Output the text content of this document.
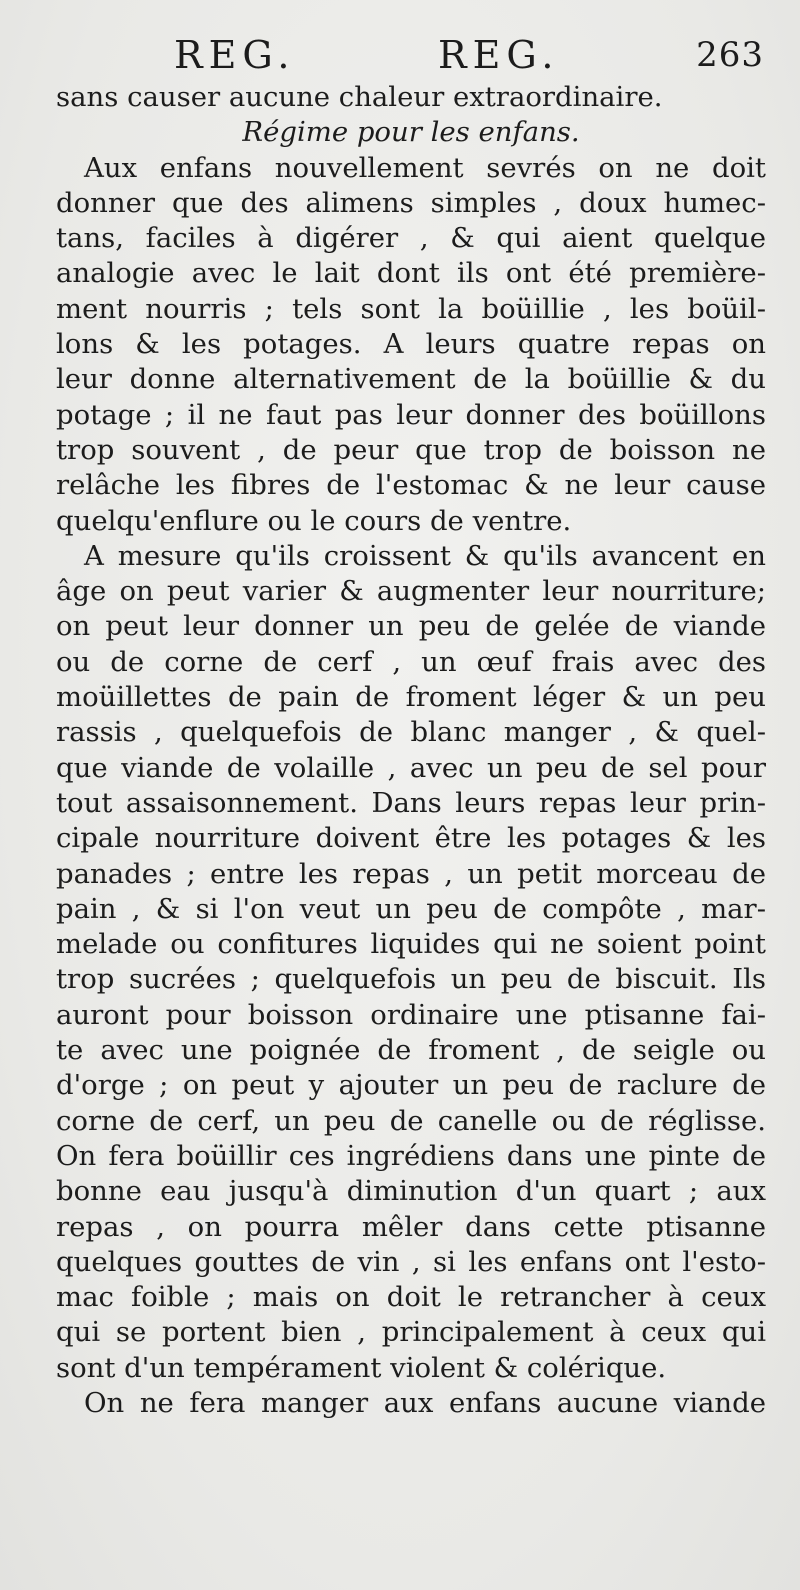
REG.	REG.	263
sans causer aucune chaleur extraordinaire.
Régime pour les enfans.
Aux enfans nouvellement sevrés on ne doit
donner que des alimens simples , doux humec-
tans, faciles à digérer , & qui aient quelque
analogie avec le lait dont ils ont été première-
ment nourris ; tels sont la boüillie , les boüil-
lons & les potages. A leurs quatre repas on
leur donne alternativement de la boüillie & du
potage ; il ne faut pas leur donner des boüillons
trop souvent , de peur que trop de boisson ne
relâche les fibres de l'estomac & ne leur cause
quelqu'enflure ou le cours de ventre.
A mesure qu'ils croissent & qu'ils avancent en
âge on peut varier & augmenter leur nourriture;
on peut leur donner un peu de gelée de viande
ou de corne de cerf , un œuf frais avec des
moüillettes de pain de froment léger & un peu
rassis , quelquefois de blanc manger , & quel-
que viande de volaille , avec un peu de sel pour
tout assaisonnement. Dans leurs repas leur prin-
cipale nourriture doivent être les potages & les
panades ; entre les repas , un petit morceau de
pain , & si l'on veut un peu de compôte , mar-
melade ou confitures liquides qui ne soient point
trop sucrées ; quelquefois un peu de biscuit. Ils
auront pour boisson ordinaire une ptisanne fai-
te avec une poignée de froment , de seigle ou
d'orge ; on peut y ajouter un peu de raclure de
corne de cerf, un peu de canelle ou de réglisse.
On fera boüillir ces ingrédiens dans une pinte de
bonne eau jusqu'à diminution d'un quart ; aux
repas , on pourra mêler dans cette ptisanne
quelques gouttes de vin , si les enfans ont l'esto-
mac foible ; mais on doit le retrancher à ceux
qui se portent bien , principalement à ceux qui
sont d'un tempérament violent & colérique.
On ne fera manger aux enfans aucune viande
